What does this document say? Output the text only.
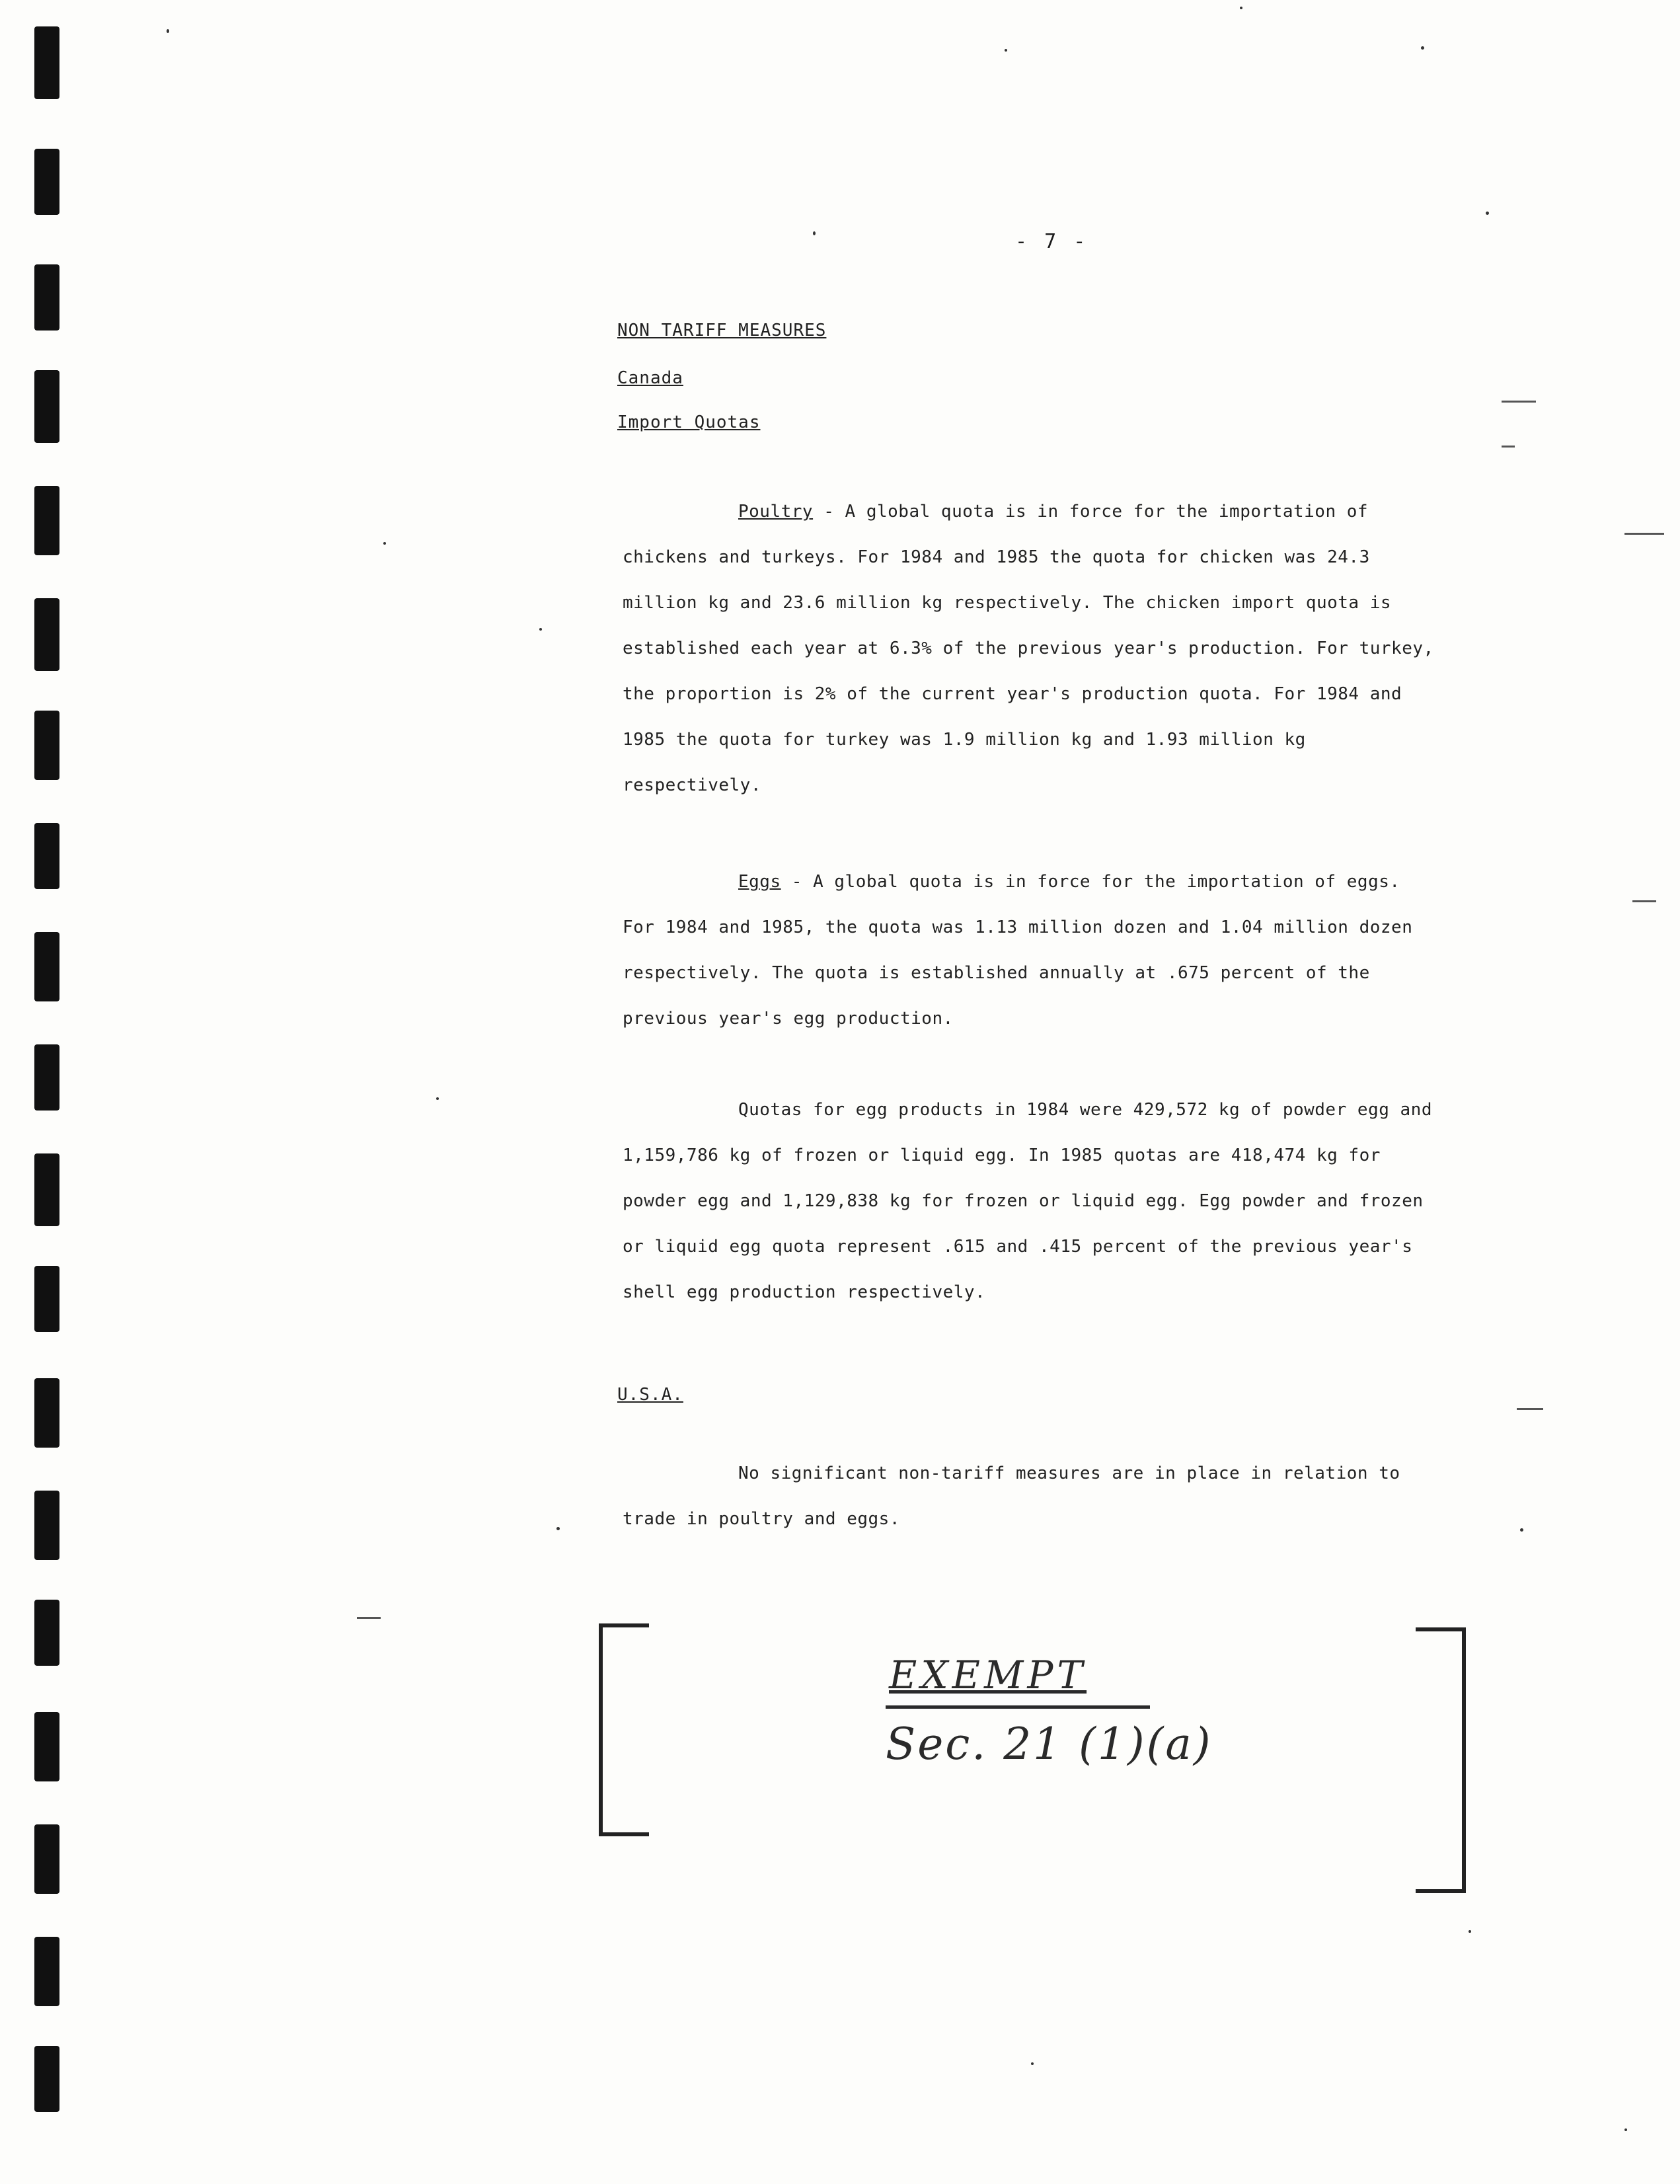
- 7 -
NON TARIFF MEASURES
Canada
Import Quotas

Poultry - A global quota is in force for the importation of chickens and turkeys. For 1984 and 1985 the quota for chicken was 24.3 million kg and 23.6 million kg respectively. The chicken import quota is established each year at 6.3% of the previous year's production. For turkey, the proportion is 2% of the current year's production quota. For 1984 and 1985 the quota for turkey was 1.9 million kg and 1.93 million kg respectively.

Eggs - A global quota is in force for the importation of eggs. For 1984 and 1985, the quota was 1.13 million dozen and 1.04 million dozen respectively. The quota is established annually at .675 percent of the previous year's egg production.

Quotas for egg products in 1984 were 429,572 kg of powder egg and 1,159,786 kg of frozen or liquid egg. In 1985 quotas are 418,474 kg for powder egg and 1,129,838 kg for frozen or liquid egg. Egg powder and frozen or liquid egg quota represent .615 and .415 percent of the previous year's shell egg production respectively.

U.S.A.

No significant non-tariff measures are in place in relation to trade in poultry and eggs.

EXEMPT
Sec. 21 (1)(a)
